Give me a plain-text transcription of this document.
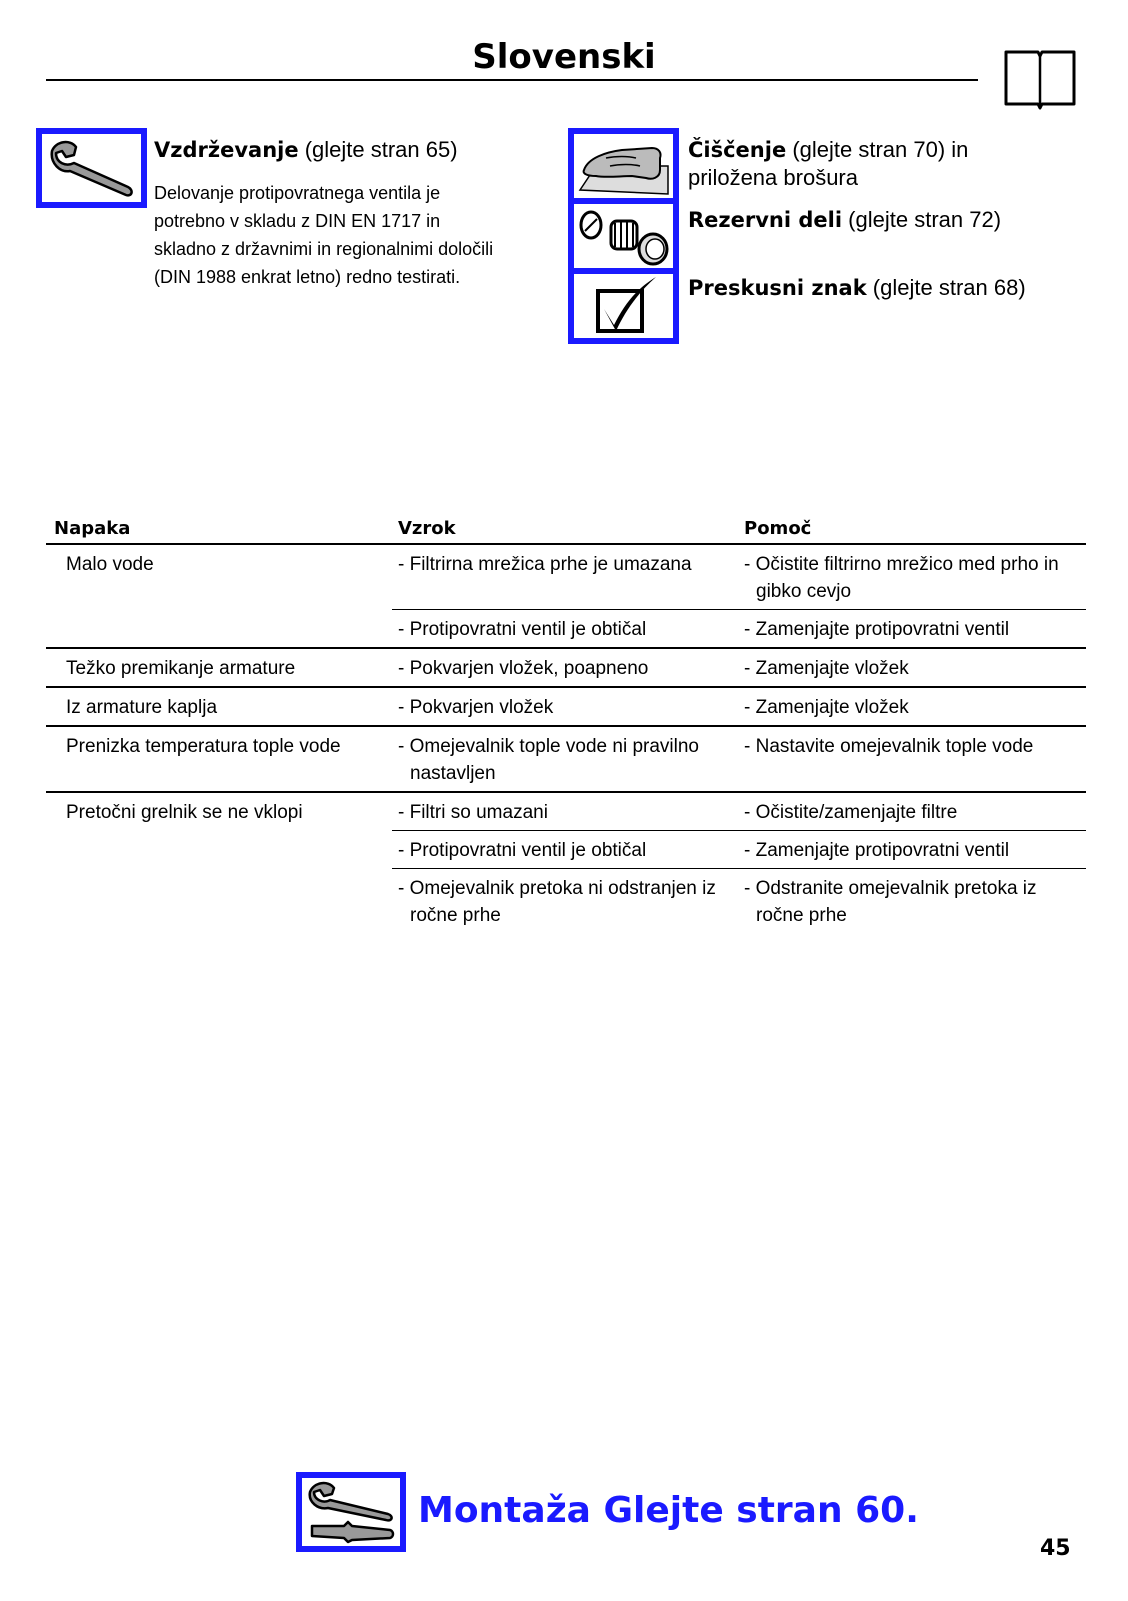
Slovenski
Vzdrževanje (glejte stran 65)
Delovanje protipovratnega ventila je
potrebno v skladu z DIN EN 1717 in
skladno z državnimi in regionalnimi določili
(DIN 1988 enkrat letno) redno testirati.
Čiščenje (glejte stran 70) in
priložena brošura
Rezervni deli (glejte stran 72)
Preskusni znak (glejte stran 68)
Napaka	Vzrok	Pomoč
Malo vode	- Filtrirna mrežica prhe je umazana	- Očistite filtrirno mrežico med prho in gibko cevjo

	- Protipovratni ventil je obtičal	- Zamenjajte protipovratni ventil

Težko premikanje armature	- Pokvarjen vložek, poapneno	- Zamenjajte vložek

Iz armature kaplja	- Pokvarjen vložek	- Zamenjajte vložek

Prenizka temperatura tople vode	- Omejevalnik tople vode ni pravilno nastavljen	- Nastavite omejevalnik tople vode

Pretočni grelnik se ne vklopi	- Filtri so umazani	- Očistite/zamenjajte filtre

	- Protipovratni ventil je obtičal	- Zamenjajte protipovratni ventil

	- Omejevalnik pretoka ni odstranjen iz ročne prhe	- Odstranite omejevalnik pretoka iz ročne prhe
Montaža Glejte stran 60.
45
